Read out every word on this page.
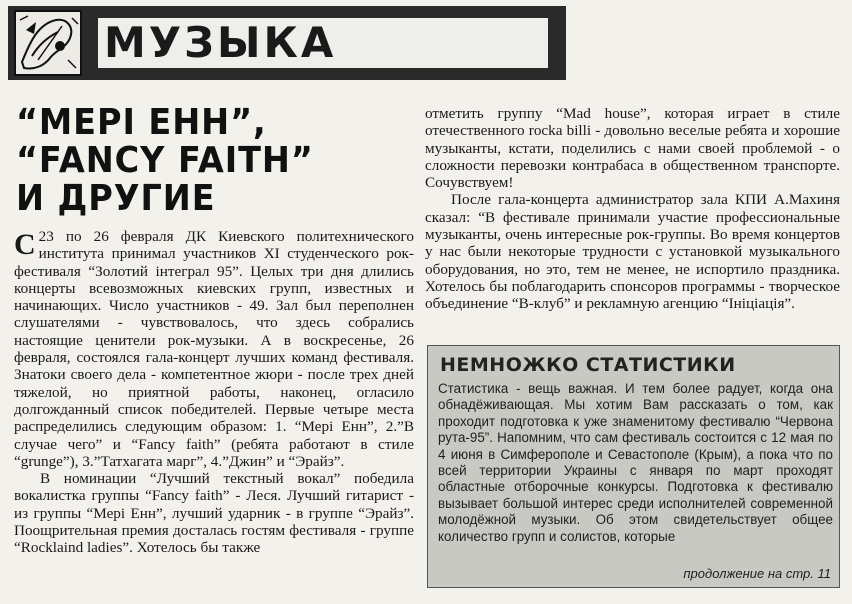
МУЗЫКА
“МЕРІ ЕНН”,
“FANCY FAITH”
И ДРУГИЕ

С 23 по 26 февраля ДК Киевского политехнического института принимал участников XI студенческого рок-фестиваля “Золотий інтеграл 95”. Целых три дня длились концерты всевозможных киевских групп, известных и начинающих. Число участников - 49. Зал был переполнен слушателями - чувствовалось, что здесь собрались настоящие ценители рок-музыки. А в воскресенье, 26 февраля, состоялся гала-концерт лучших команд фестиваля. Знатоки своего дела - компетентное жюри - после трех дней тяжелой, но приятной работы, наконец, огласило долгожданный список победителей. Первые четыре места распределились следующим образом: 1. “Мері Енн”, 2.”В случае чего” и “Fancy faith” (ребята работают в стиле “grunge”), 3.”Татхагата марг”, 4.”Джин” и “Эрайз”.

В номинации “Лучший текстный вокал” победила вокалистка группы “Fancy faith” - Леся. Лучший гитарист - из группы “Мері Енн”, лучший ударник - в группе “Эрайз”. Поощрительная премия досталась гостям фестиваля - группе “Rocklaind ladies”. Хотелось бы также

отметить группу “Mad house”, которая играет в стиле отечественного rocka billi - довольно веселые ребята и хорошие музыканты, кстати, поделились с нами своей проблемой - о сложности перевозки контрабаса в общественном транспорте. Сочувствуем!

После гала-концерта администратор зала КПИ А.Махиня сказал: “В фестивале принимали участие профессиональные музыканты, очень интересные рок-группы. Во время концертов у нас были некоторые трудности с установкой музыкального оборудования, но это, тем не менее, не испортило праздника. Хотелось бы поблагодарить спонсоров программы - творческое объединение “В-клуб” и рекламную агенцию “Ініціація”.

НЕМНОЖКО СТАТИСТИКИ
Статистика - вещь важная. И тем более радует, когда она обнадёживающая. Мы хотим Вам рассказать о том, как проходит подготовка к уже знаменитому фестивалю “Червона рута-95”. Напомним, что сам фестиваль состоится с 12 мая по 4 июня в Симферополе и Севастополе (Крым), а пока что по всей территории Украины с января по март проходят областные отборочные конкурсы. Подготовка к фестивалю вызывает большой интерес среди исполнителей современной молодёжной музыки. Об этом свидетельствует общее количество групп и солистов, которые
продолжение на стр. 11
